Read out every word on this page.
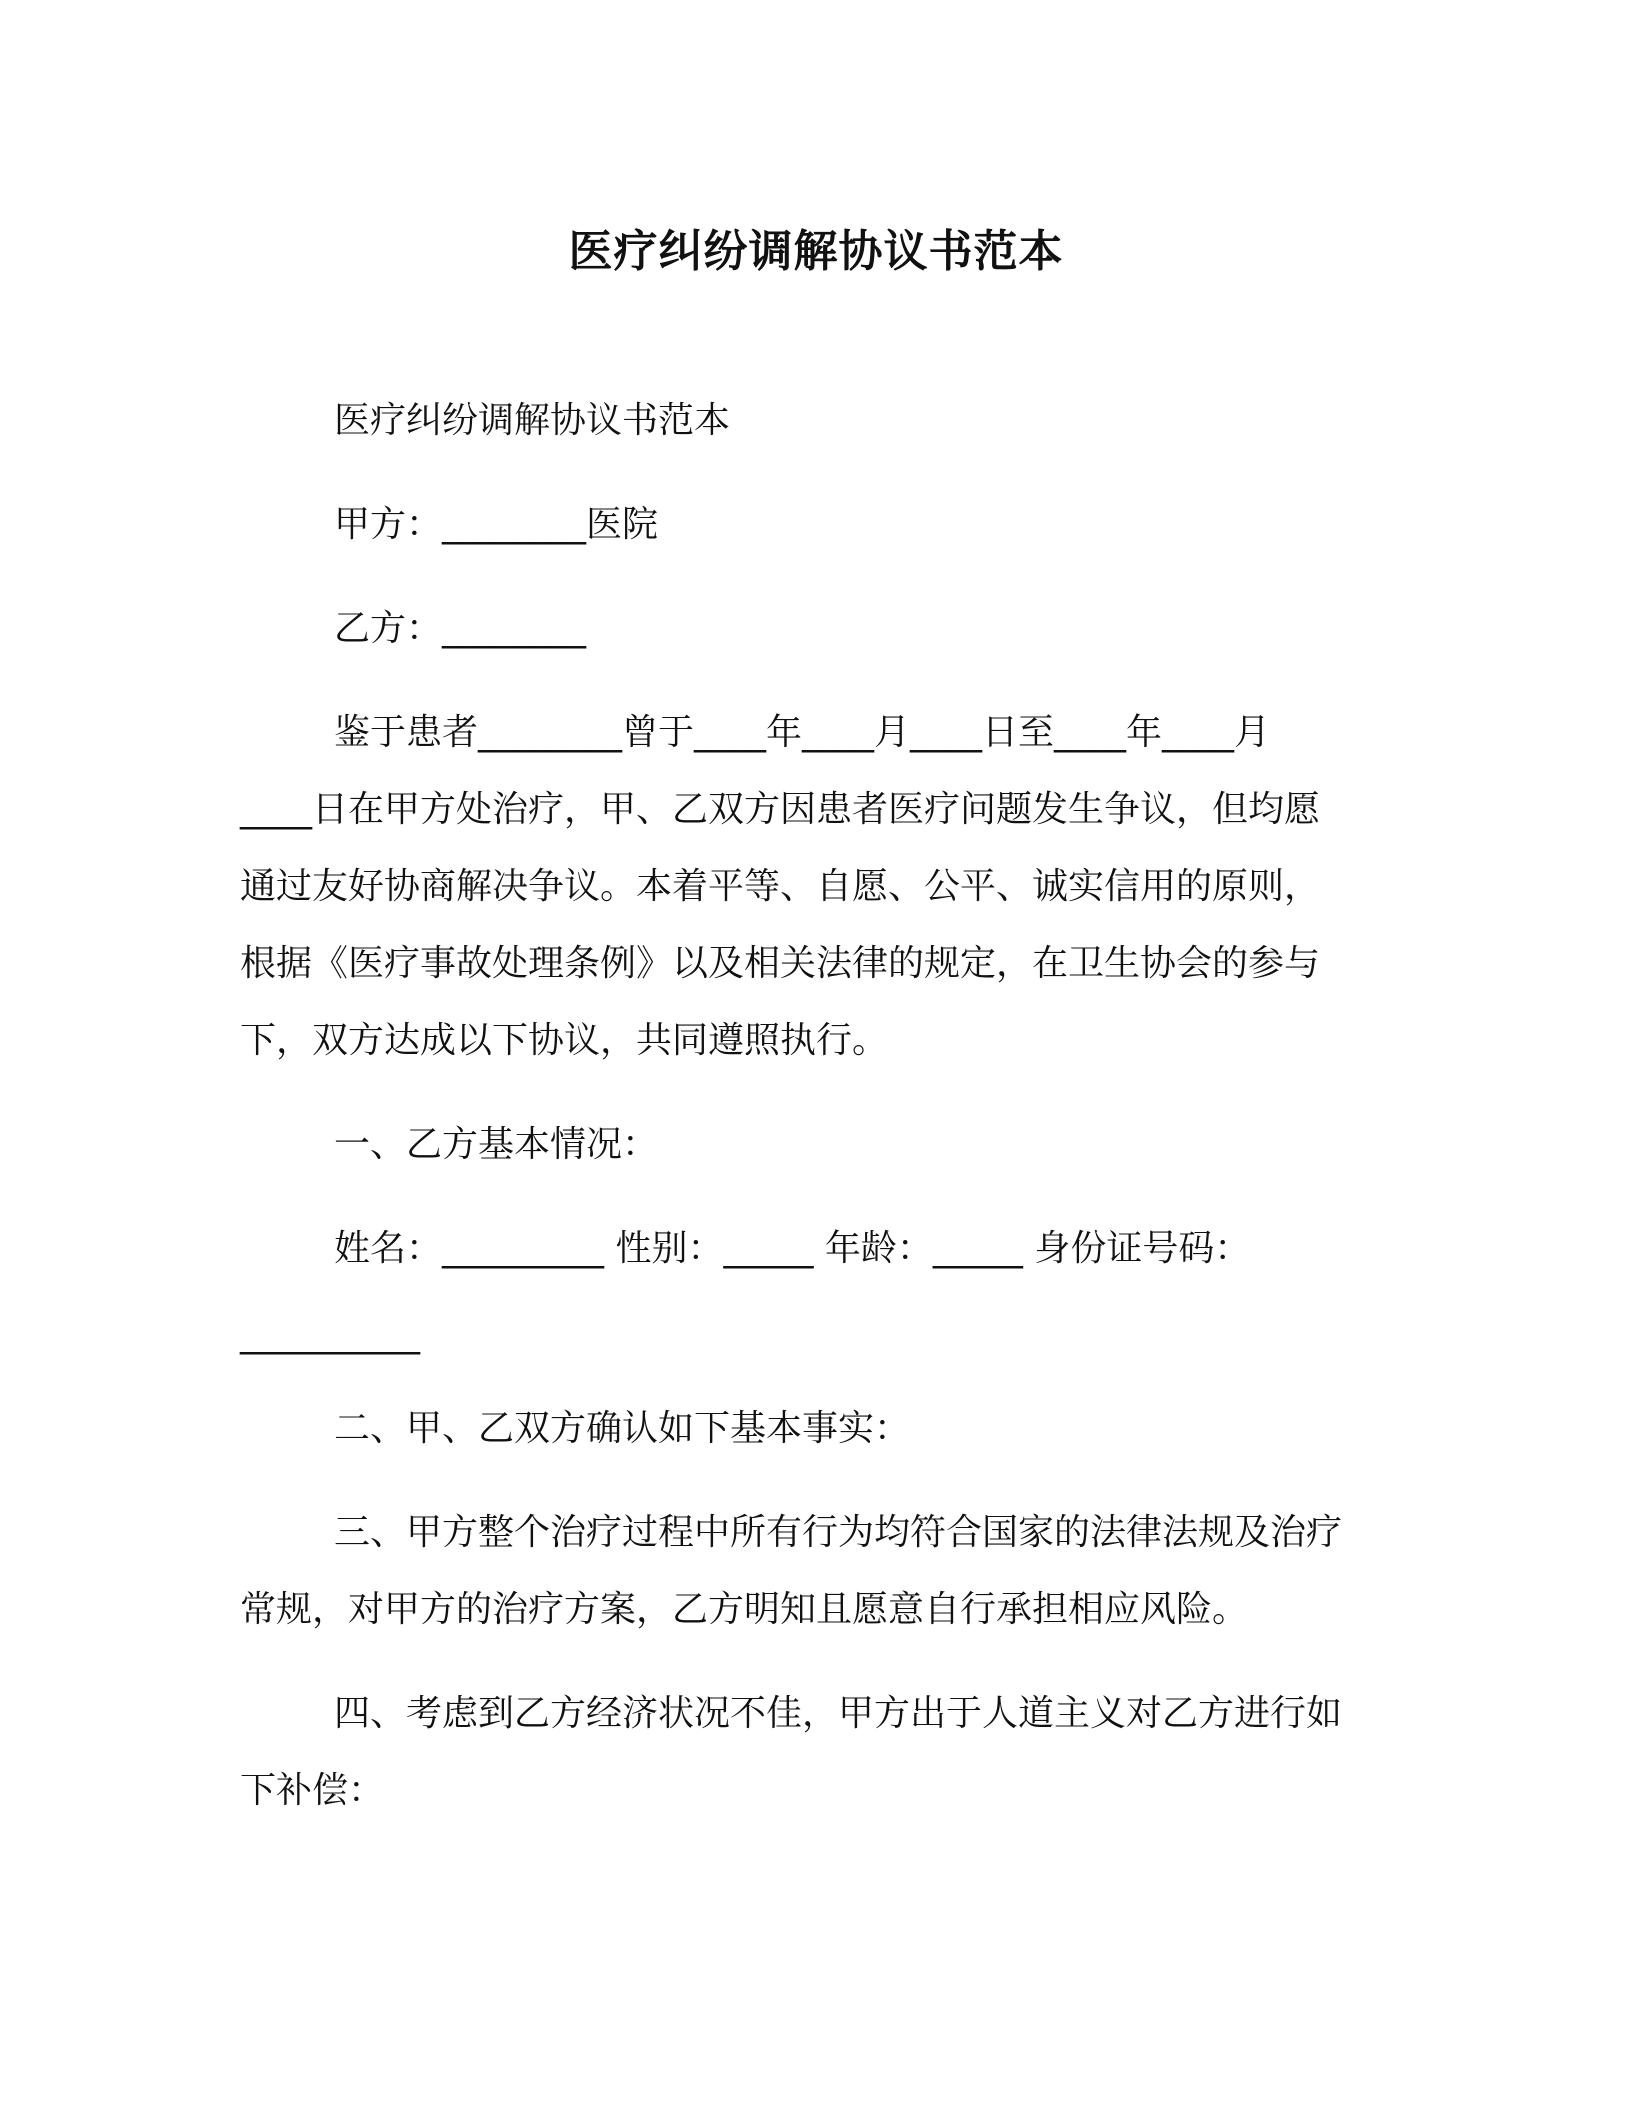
医疗纠纷调解协议书范本
医疗纠纷调解协议书范本
甲方：________医院
乙方：________
鉴于患者________曾于____年____月____日至____年____月
____日在甲方处治疗，甲、乙双方因患者医疗问题发生争议，但均愿
通过友好协商解决争议。本着平等、自愿、公平、诚实信用的原则，
根据《医疗事故处理条例》以及相关法律的规定，在卫生协会的参与
下，双方达成以下协议，共同遵照执行。
一、乙方基本情况：
姓名：_________ 性别：_____ 年龄：_____ 身份证号码：
__________
二、甲、乙双方确认如下基本事实：
三、甲方整个治疗过程中所有行为均符合国家的法律法规及治疗
常规，对甲方的治疗方案，乙方明知且愿意自行承担相应风险。
四、考虑到乙方经济状况不佳，甲方出于人道主义对乙方进行如
下补偿：
